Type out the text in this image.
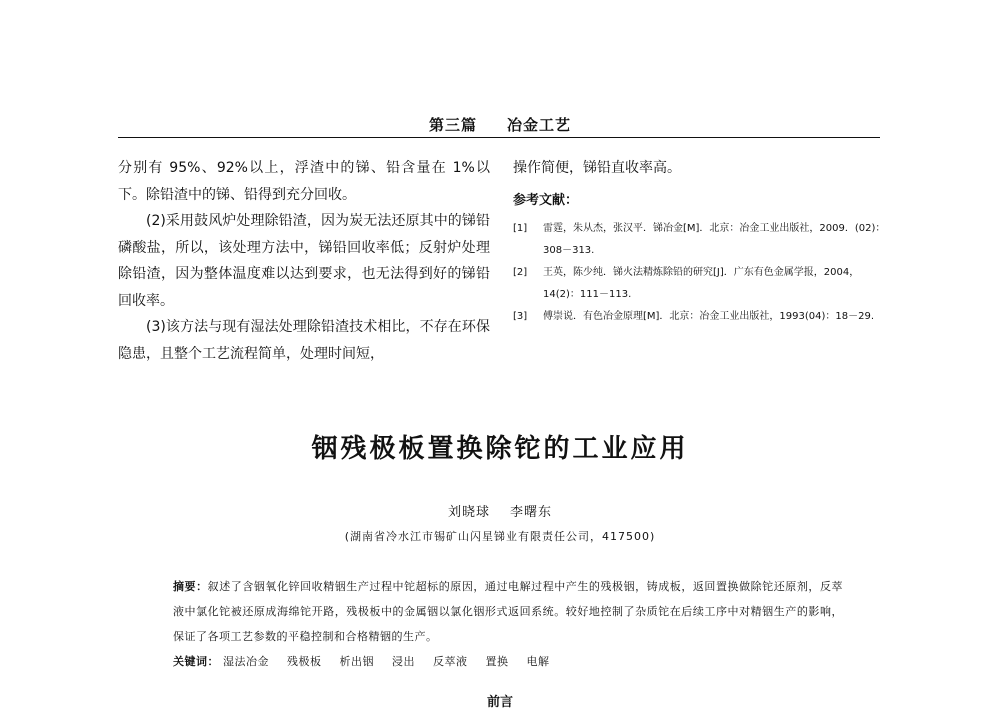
第三篇 冶金工艺

分别有 95%、92%以上，浮渣中的锑、铅含量在 1%以下。除铅渣中的锑、铅得到充分回收。

(2)采用鼓风炉处理除铅渣，因为炭无法还原其中的锑铅磷酸盐，所以，该处理方法中，锑铅回收率低；反射炉处理除铅渣，因为整体温度难以达到要求，也无法得到好的锑铅回收率。

(3)该方法与现有湿法处理除铅渣技术相比，不存在环保隐患，且整个工艺流程简单，处理时间短，

操作简便，锑铅直收率高。

参考文献：

[1]	雷霆，朱从杰，张汉平．锑冶金[M]．北京：冶金工业出版社，2009．(02)：308－313.
[2]	王英，陈少纯．锑火法精炼除铅的研究[J]．广东有色金属学报，2004，14(2)：111－113.
[3]	傅崇说．有色冶金原理[M]．北京：冶金工业出版社，1993(04)：18－29.
铟残极板置换除铊的工业应用
刘晓球 李曙东
(湖南省冷水江市锡矿山闪星锑业有限责任公司，417500)
摘要：叙述了含铟氧化锌回收精铟生产过程中铊超标的原因，通过电解过程中产生的残极铟，铸成板，返回置换做除铊还原剂，反萃液中氯化铊被还原成海绵铊开路，残极板中的金属铟以氯化铟形式返回系统。较好地控制了杂质铊在后续工序中对精铟生产的影响，保证了各项工艺参数的平稳控制和合格精铟的生产。
关键词： 湿法冶金 残极板 析出铟 浸出 反萃液 置换 电解
前言
